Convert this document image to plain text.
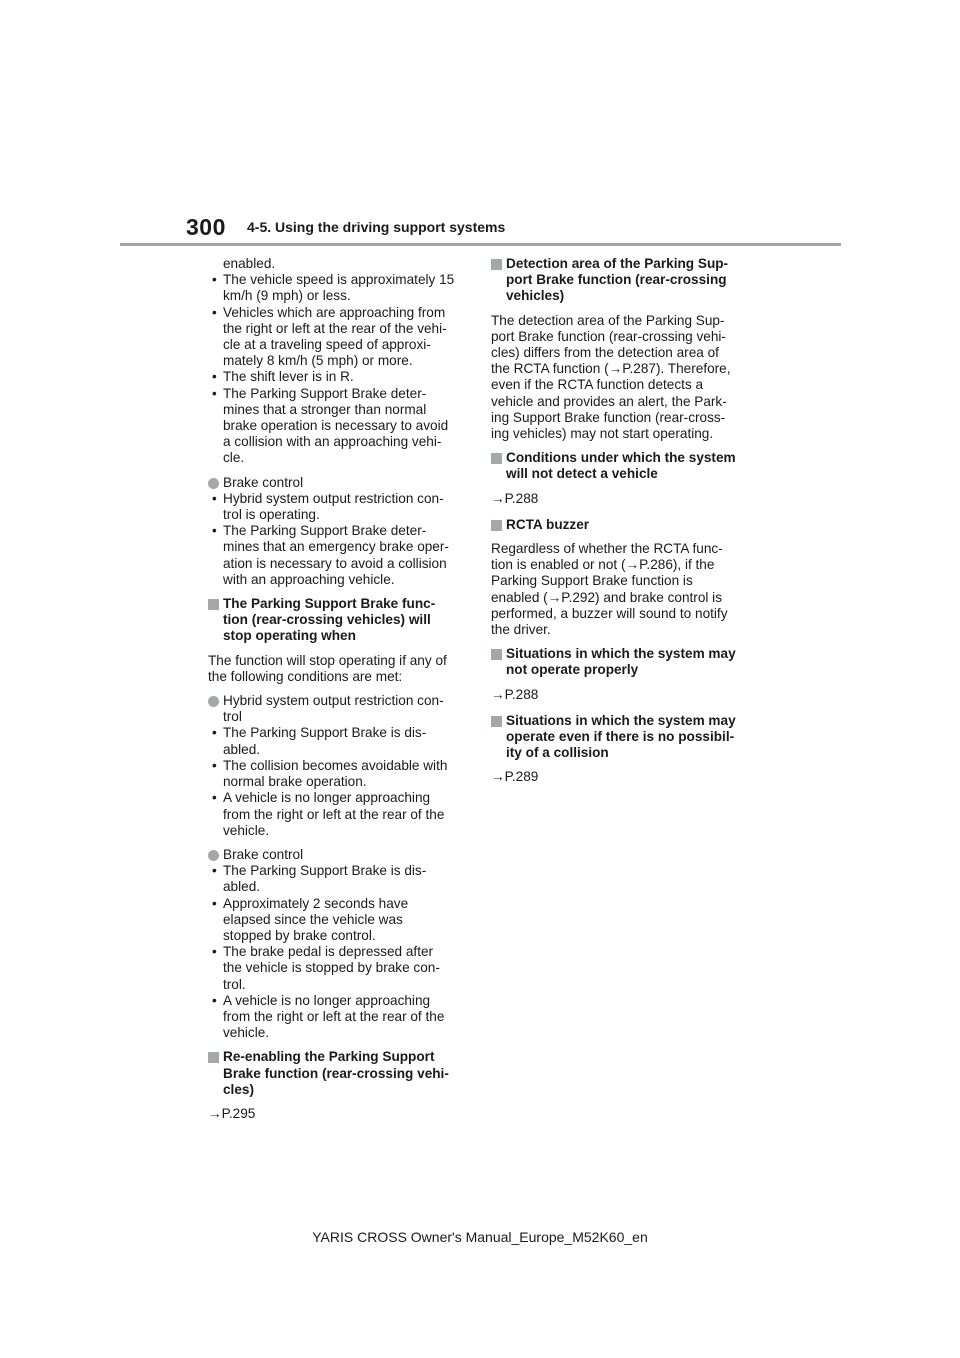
300 4-5. Using the driving support systems
enabled.
• The vehicle speed is approximately 15
km/h (9 mph) or less.
• Vehicles which are approaching from
the right or left at the rear of the vehi-
cle at a traveling speed of approxi-
mately 8 km/h (5 mph) or more.
• The shift lever is in R.
• The Parking Support Brake deter-
mines that a stronger than normal
brake operation is necessary to avoid
a collision with an approaching vehi-
cle.
Brake control
• Hybrid system output restriction con-
trol is operating.
• The Parking Support Brake deter-
mines that an emergency brake oper-
ation is necessary to avoid a collision
with an approaching vehicle.
The Parking Support Brake func-
tion (rear-crossing vehicles) will
stop operating when
The function will stop operating if any of
the following conditions are met:
Hybrid system output restriction con-
trol
• The Parking Support Brake is dis-
abled.
• The collision becomes avoidable with
normal brake operation.
• A vehicle is no longer approaching
from the right or left at the rear of the
vehicle.
Brake control
• The Parking Support Brake is dis-
abled.
• Approximately 2 seconds have
elapsed since the vehicle was
stopped by brake control.
• The brake pedal is depressed after
the vehicle is stopped by brake con-
trol.
• A vehicle is no longer approaching
from the right or left at the rear of the
vehicle.
Re-enabling the Parking Support
Brake function (rear-crossing vehi-
cles)
→P.295
Detection area of the Parking Sup-
port Brake function (rear-crossing
vehicles)
The detection area of the Parking Sup-
port Brake function (rear-crossing vehi-
cles) differs from the detection area of
the RCTA function (→P.287). Therefore,
even if the RCTA function detects a
vehicle and provides an alert, the Park-
ing Support Brake function (rear-cross-
ing vehicles) may not start operating.
Conditions under which the system
will not detect a vehicle
→P.288
RCTA buzzer
Regardless of whether the RCTA func-
tion is enabled or not (→P.286), if the
Parking Support Brake function is
enabled (→P.292) and brake control is
performed, a buzzer will sound to notify
the driver.
Situations in which the system may
not operate properly
→P.288
Situations in which the system may
operate even if there is no possibil-
ity of a collision
→P.289
YARIS CROSS Owner's Manual_Europe_M52K60_en
